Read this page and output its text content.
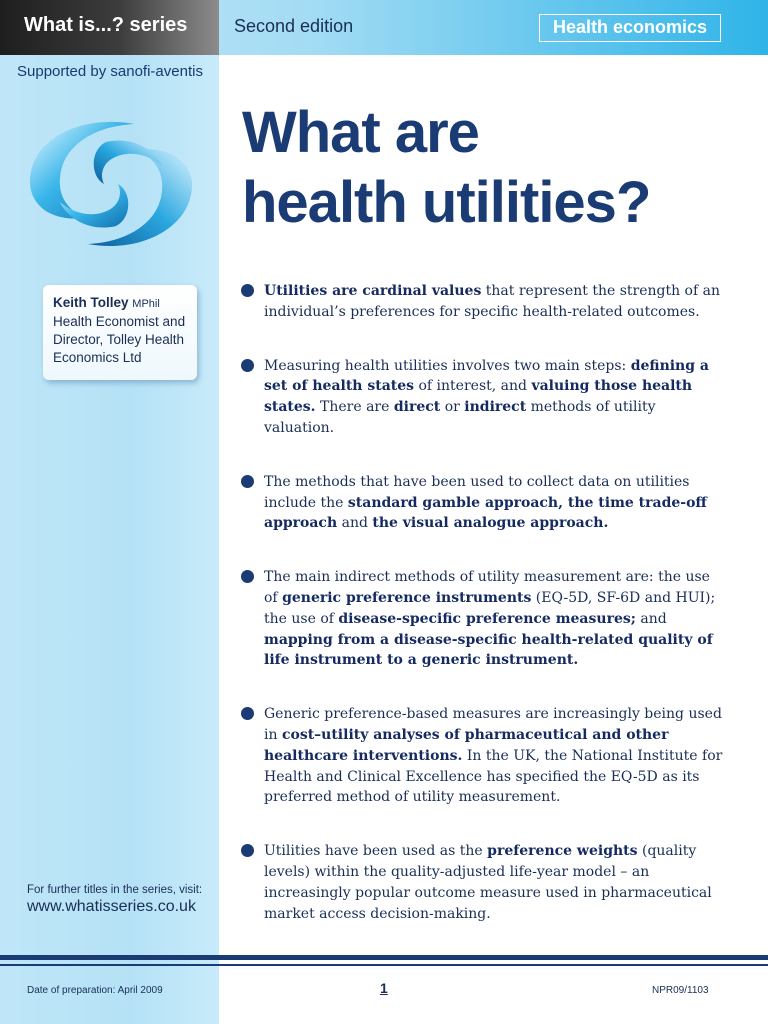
What is...? series	Second edition	Health economics
Supported by sanofi-aventis
Keith Tolley MPhil
Health Economist and
Director, Tolley Health
Economics Ltd
For further titles in the series, visit:
www.whatisseries.co.uk
What are
health utilities?
Utilities are cardinal values that represent the strength of an individual’s preferences for specific health-related outcomes.
Measuring health utilities involves two main steps: defining a set of health states of interest, and valuing those health states. There are direct or indirect methods of utility valuation.
The methods that have been used to collect data on utilities include the standard gamble approach, the time trade-off approach and the visual analogue approach.
The main indirect methods of utility measurement are: the use of generic preference instruments (EQ-5D, SF-6D and HUI); the use of disease-specific preference measures; and mapping from a disease-specific health-related quality of life instrument to a generic instrument.
Generic preference-based measures are increasingly being used in cost–utility analyses of pharmaceutical and other healthcare interventions. In the UK, the National Institute for Health and Clinical Excellence has specified the EQ-5D as its preferred method of utility measurement.
Utilities have been used as the preference weights (quality levels) within the quality-adjusted life-year model – an increasingly popular outcome measure used in pharmaceutical market access decision-making.
Date of preparation: April 2009	1	NPR09/1103
